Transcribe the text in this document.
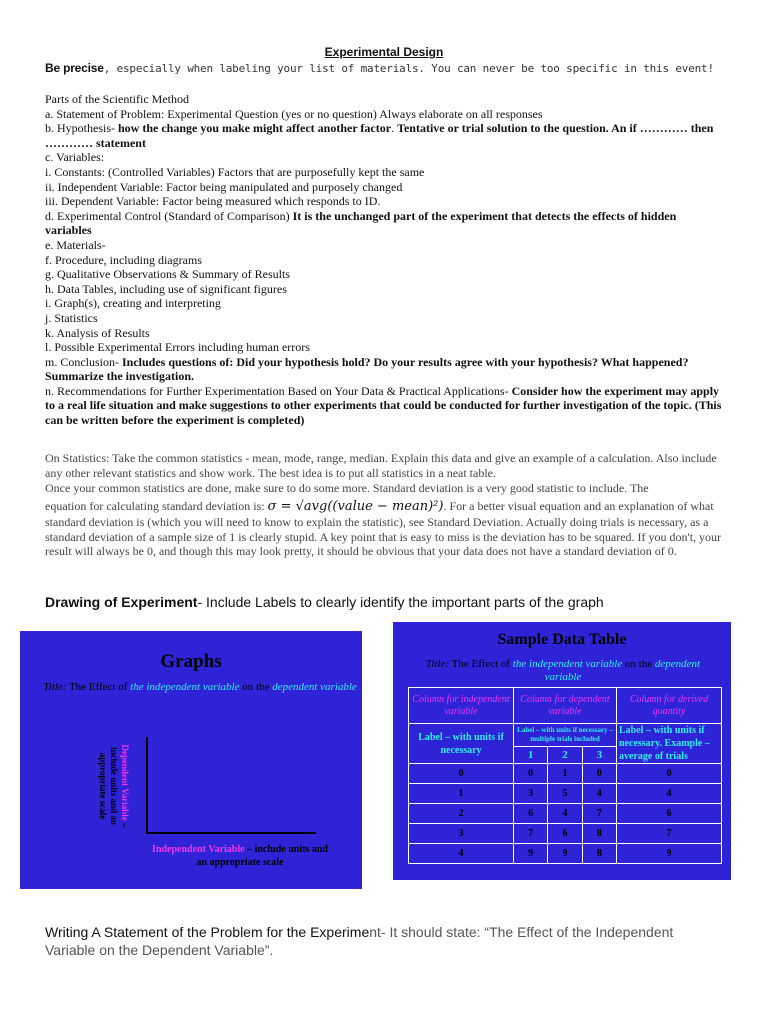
Experimental Design
Be precise, especially when labeling your list of materials. You can never be too specific in this event!
Parts of the Scientific Method
a. Statement of Problem: Experimental Question (yes or no question) Always elaborate on all responses
b. Hypothesis- how the change you make might affect another factor. Tentative or trial solution to the question. An if ………… then ………… statement
c. Variables:
i. Constants: (Controlled Variables) Factors that are purposefully kept the same
ii. Independent Variable: Factor being manipulated and purposely changed
iii. Dependent Variable: Factor being measured which responds to ID.
d. Experimental Control (Standard of Comparison) It is the unchanged part of the experiment that detects the effects of hidden variables
e. Materials-
f. Procedure, including diagrams
g. Qualitative Observations & Summary of Results
h. Data Tables, including use of significant figures
i. Graph(s), creating and interpreting
j. Statistics
k. Analysis of Results
l. Possible Experimental Errors including human errors
m. Conclusion- Includes questions of: Did your hypothesis hold? Do your results agree with your hypothesis? What happened? Summarize the investigation.
n. Recommendations for Further Experimentation Based on Your Data & Practical Applications- Consider how the experiment may apply to a real life situation and make suggestions to other experiments that could be conducted for further investigation of the topic. (This can be written before the experiment is completed)
On Statistics: Take the common statistics - mean, mode, range, median. Explain this data and give an example of a calculation. Also include any other relevant statistics and show work. The best idea is to put all statistics in a neat table.
Once your common statistics are done, make sure to do some more. Standard deviation is a very good statistic to include. The
equation for calculating standard deviation is: σ = √avg((value − mean)²). For a better visual equation and an explanation of what standard deviation is (which you will need to know to explain the statistic), see Standard Deviation. Actually doing trials is necessary, as a standard deviation of a sample size of 1 is clearly stupid. A key point that is easy to miss is the deviation has to be squared. If you don't, your result will always be 0, and though this may look pretty, it should be obvious that your data does not have a standard deviation of 0.
Drawing of Experiment- Include Labels to clearly identify the important parts of the graph
Graphs
Title: The Effect of the independent variable on the dependent variable
Dependent Variable – include units and an appropriate scale
Independent Variable – include units and an appropriate scale
Sample Data Table
Title: The Effect of the independent variable on the dependent variable
Column for independent variable	Column for dependent variable			Column for derived quantity
Label – with units if necessary	Label – with units if necessary – multiple trials included			Label – with units if necessary. Example – average of trials
	1	2	3	
0	0	1	0	0
1	3	5	4	4
2	6	4	7	6
3	7	6	8	7
4	9	9	8	9
Writing A Statement of the Problem for the Experiment- It should state: “The Effect of the Independent Variable on the Dependent Variable”.
